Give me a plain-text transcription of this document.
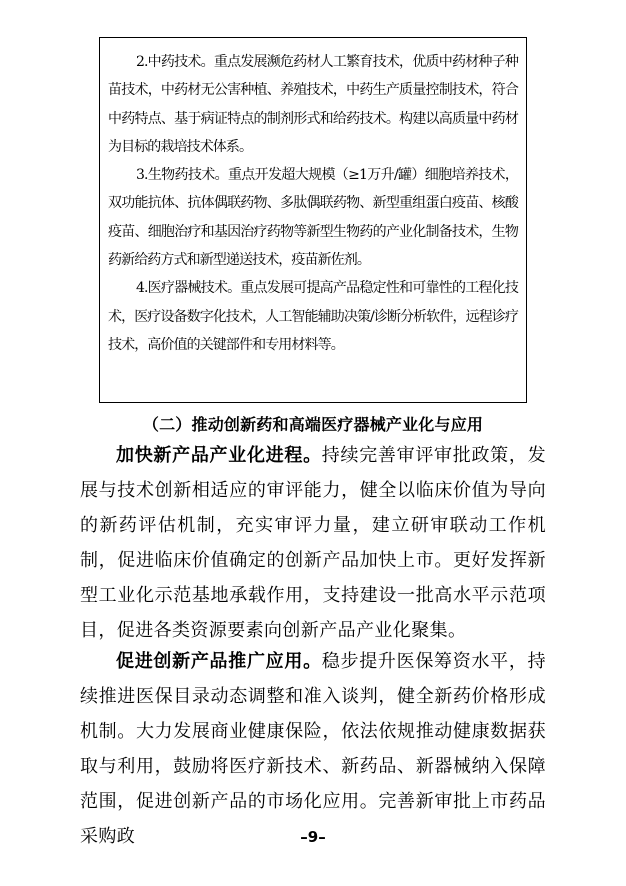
2.中药技术。重点发展濒危药材人工繁育技术，优质中药材种子种苗技术，中药材无公害种植、养殖技术，中药生产质量控制技术，符合中药特点、基于病证特点的制剂形式和给药技术。构建以高质量中药材为目标的栽培技术体系。

3.生物药技术。重点开发超大规模（≥1万升/罐）细胞培养技术，双功能抗体、抗体偶联药物、多肽偶联药物、新型重组蛋白疫苗、核酸疫苗、细胞治疗和基因治疗药物等新型生物药的产业化制备技术，生物药新给药方式和新型递送技术，疫苗新佐剂。

4.医疗器械技术。重点发展可提高产品稳定性和可靠性的工程化技术，医疗设备数字化技术，人工智能辅助决策/诊断分析软件，远程诊疗技术，高价值的关键部件和专用材料等。

（二）推动创新药和高端医疗器械产业化与应用

加快新产品产业化进程。持续完善审评审批政策，发展与技术创新相适应的审评能力，健全以临床价值为导向的新药评估机制，充实审评力量，建立研审联动工作机制，促进临床价值确定的创新产品加快上市。更好发挥新型工业化示范基地承载作用，支持建设一批高水平示范项目，促进各类资源要素向创新产品产业化聚集。

促进创新产品推广应用。稳步提升医保筹资水平，持续推进医保目录动态调整和准入谈判，健全新药价格形成机制。大力发展商业健康保险，依法依规推动健康数据获取与利用，鼓励将医疗新技术、新药品、新器械纳入保障范围，促进创新产品的市场化应用。完善新审批上市药品采购政	–9–
